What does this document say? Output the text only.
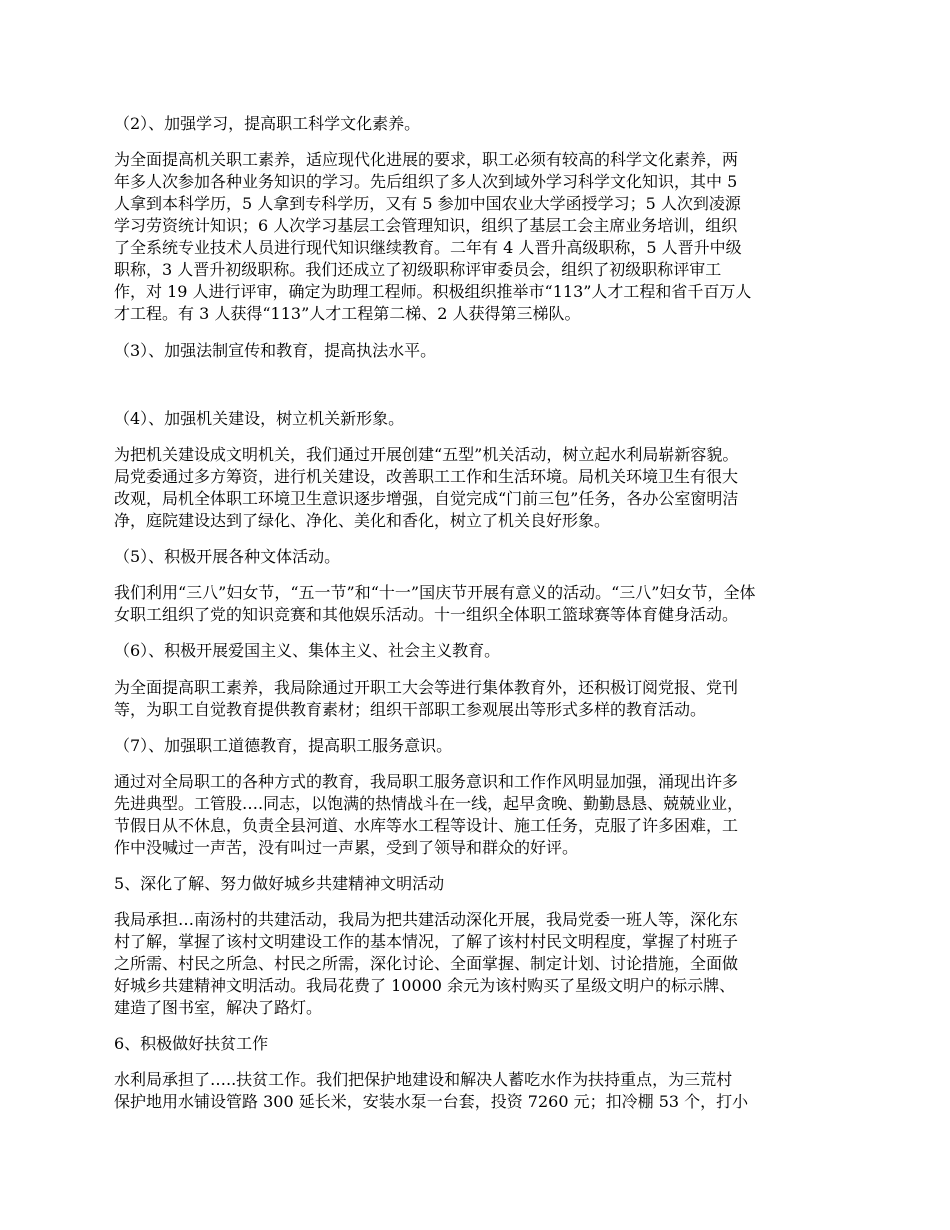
（2）、加强学习，提高职工科学文化素养。
为全面提高机关职工素养，适应现代化进展的要求，职工必须有较高的科学文化素养，两
年多人次参加各种业务知识的学习。先后组织了多人次到域外学习科学文化知识，其中 5
人拿到本科学历，5 人拿到专科学历，又有 5 参加中国农业大学函授学习；5 人次到凌源
学习劳资统计知识；6 人次学习基层工会管理知识，组织了基层工会主席业务培训，组织
了全系统专业技术人员进行现代知识继续教育。二年有 4 人晋升高级职称，5 人晋升中级
职称，3 人晋升初级职称。我们还成立了初级职称评审委员会，组织了初级职称评审工
作，对 19 人进行评审，确定为助理工程师。积极组织推举市“113”人才工程和省千百万人
才工程。有 3 人获得“113”人才工程第二梯、2 人获得第三梯队。
（3）、加强法制宣传和教育，提高执法水平。
（4）、加强机关建设，树立机关新形象。
为把机关建设成文明机关，我们通过开展创建“五型”机关活动，树立起水利局崭新容貌。
局党委通过多方筹资，进行机关建设，改善职工工作和生活环境。局机关环境卫生有很大
改观，局机全体职工环境卫生意识逐步增强，自觉完成“门前三包”任务，各办公室窗明洁
净，庭院建设达到了绿化、净化、美化和香化，树立了机关良好形象。
（5）、积极开展各种文体活动。
我们利用“三八”妇女节，“五一节”和“十一”国庆节开展有意义的活动。“三八”妇女节，全体
女职工组织了党的知识竞赛和其他娱乐活动。十一组织全体职工篮球赛等体育健身活动。
（6）、积极开展爱国主义、集体主义、社会主义教育。
为全面提高职工素养，我局除通过开职工大会等进行集体教育外，还积极订阅党报、党刊
等，为职工自觉教育提供教育素材；组织干部职工参观展出等形式多样的教育活动。
（7）、加强职工道德教育，提高职工服务意识。
通过对全局职工的各种方式的教育，我局职工服务意识和工作作风明显加强，涌现出许多
先进典型。工管股….同志，以饱满的热情战斗在一线，起早贪晚、勤勤恳恳、兢兢业业，
节假日从不休息，负责全县河道、水库等水工程等设计、施工任务，克服了许多困难，工
作中没喊过一声苦，没有叫过一声累，受到了领导和群众的好评。
5、深化了解、努力做好城乡共建精神文明活动
我局承担…南汤村的共建活动，我局为把共建活动深化开展，我局党委一班人等，深化东
村了解，掌握了该村文明建设工作的基本情况，了解了该村村民文明程度，掌握了村班子
之所需、村民之所急、村民之所需，深化讨论、全面掌握、制定计划、讨论措施，全面做
好城乡共建精神文明活动。我局花费了 10000 余元为该村购买了星级文明户的标示牌、
建造了图书室，解决了路灯。
6、积极做好扶贫工作
水利局承担了…..扶贫工作。我们把保护地建设和解决人蓄吃水作为扶持重点，为三荒村
保护地用水铺设管路 300 延长米，安装水泵一台套，投资 7260 元；扣冷棚 53 个，打小
